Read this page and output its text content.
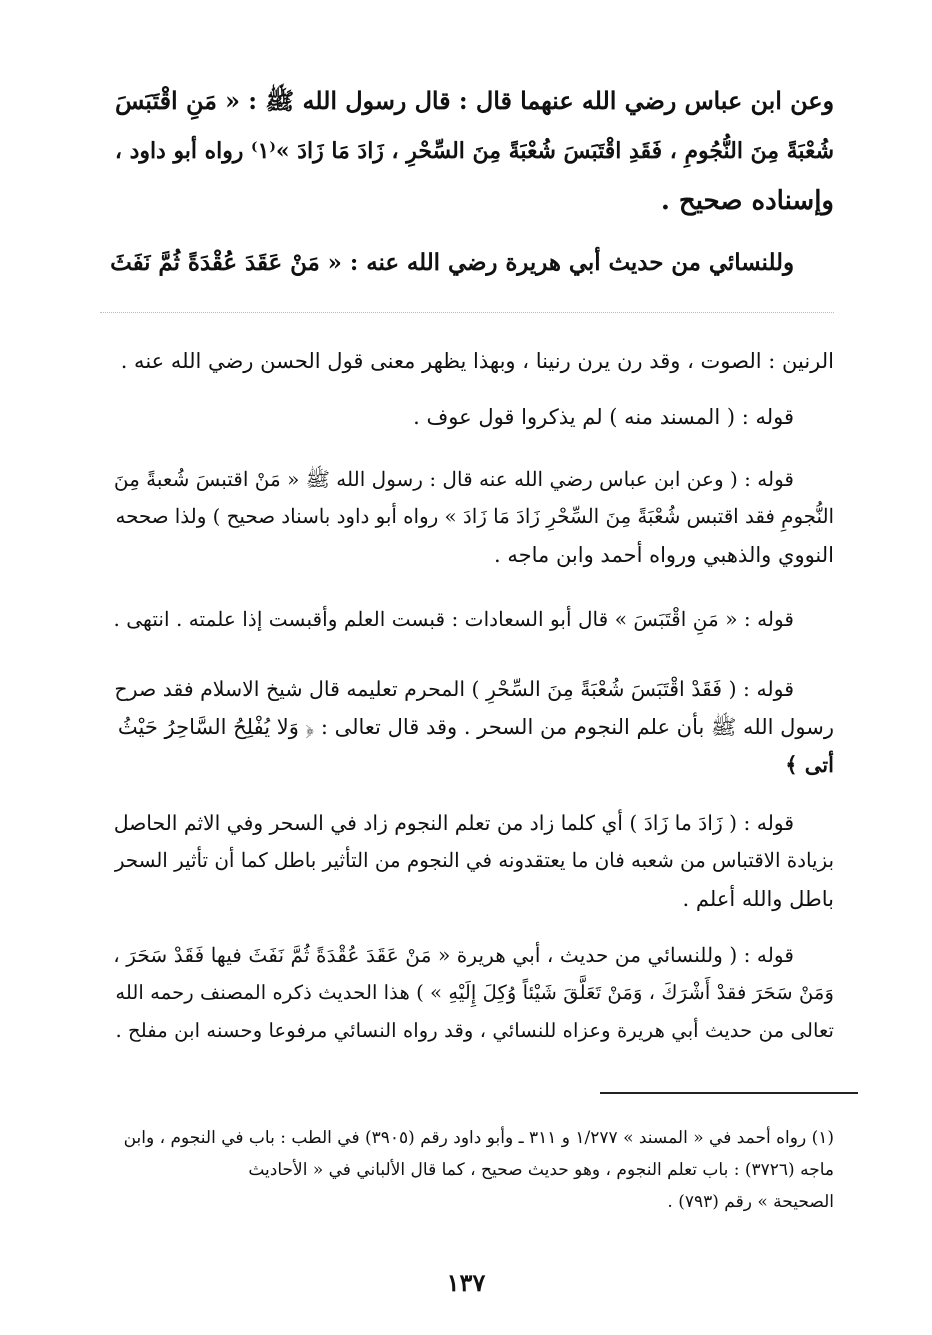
وعن ابن عباس رضي الله عنهما قال : قال رسول الله ﷺ : « مَنِ اقْتَبَسَ
شُعْبَةً مِنَ النُّجُومِ ، فَقَدِ اقْتَبَسَ شُعْبَةً مِنَ السِّحْرِ ، زَادَ مَا زَادَ »⁽١⁾ رواه أبو داود ،
وإسناده صحيح .
وللنسائي من حديث أبي هريرة رضي الله عنه : « مَنْ عَقَدَ عُقْدَةً ثُمَّ نَفَثَ
الرنين : الصوت ، وقد رن يرن رنينا ، وبهذا يظهر معنى قول الحسن رضي الله عنه .
قوله : ( المسند منه ) لم يذكروا قول عوف .
قوله : ( وعن ابن عباس رضي الله عنه قال : رسول الله ﷺ « مَنْ اقتبسَ شُعبةً مِنَ
النُّجومِ فقد اقتبس شُعْبَةً مِنَ السِّحْرِ زَادَ مَا زَادَ » رواه أبو داود باسناد صحيح ) ولذا صححه
النووي والذهبي ورواه أحمد وابن ماجه .
قوله : « مَنِ اقْتَبَسَ » قال أبو السعادات : قبست العلم وأقبست إذا علمته . انتهى .
قوله : ( فَقَدْ اقْتَبَسَ شُعْبَةً مِنَ السِّحْرِ ) المحرم تعليمه قال شيخ الاسلام فقد صرح
رسول الله ﷺ بأن علم النجوم من السحر . وقد قال تعالى : ﴿ وَلا يُفْلِحُ السَّاحِرُ حَيْثُ
أتى ﴾
قوله : ( زَادَ ما زَادَ ) أي كلما زاد من تعلم النجوم زاد في السحر وفي الاثم الحاصل
بزيادة الاقتباس من شعبه فان ما يعتقدونه في النجوم من التأثير باطل كما أن تأثير السحر
باطل والله أعلم .
قوله : ( وللنسائي من حديث ، أبي هريرة « مَنْ عَقَدَ عُقْدَةً ثُمَّ نَفَثَ فيها فَقَدْ سَحَرَ ،
وَمَنْ سَحَرَ فقدْ أَشْرَكَ ، وَمَنْ تَعَلَّقَ شَيْئاً وُكِلَ إِلَيْهِ » ) هذا الحديث ذكره المصنف رحمه الله
تعالى من حديث أبي هريرة وعزاه للنسائي ، وقد رواه النسائي مرفوعا وحسنه ابن مفلح .
(١) رواه أحمد في « المسند » ١/٢٧٧ و ٣١١ ـ وأبو داود رقم (٣٩٠٥) في الطب : باب في النجوم ، وابن
ماجه (٣٧٢٦) : باب تعلم النجوم ، وهو حديث صحيح ، كما قال الألباني في « الأحاديث
الصحيحة » رقم (٧٩٣) .
١٣٧
